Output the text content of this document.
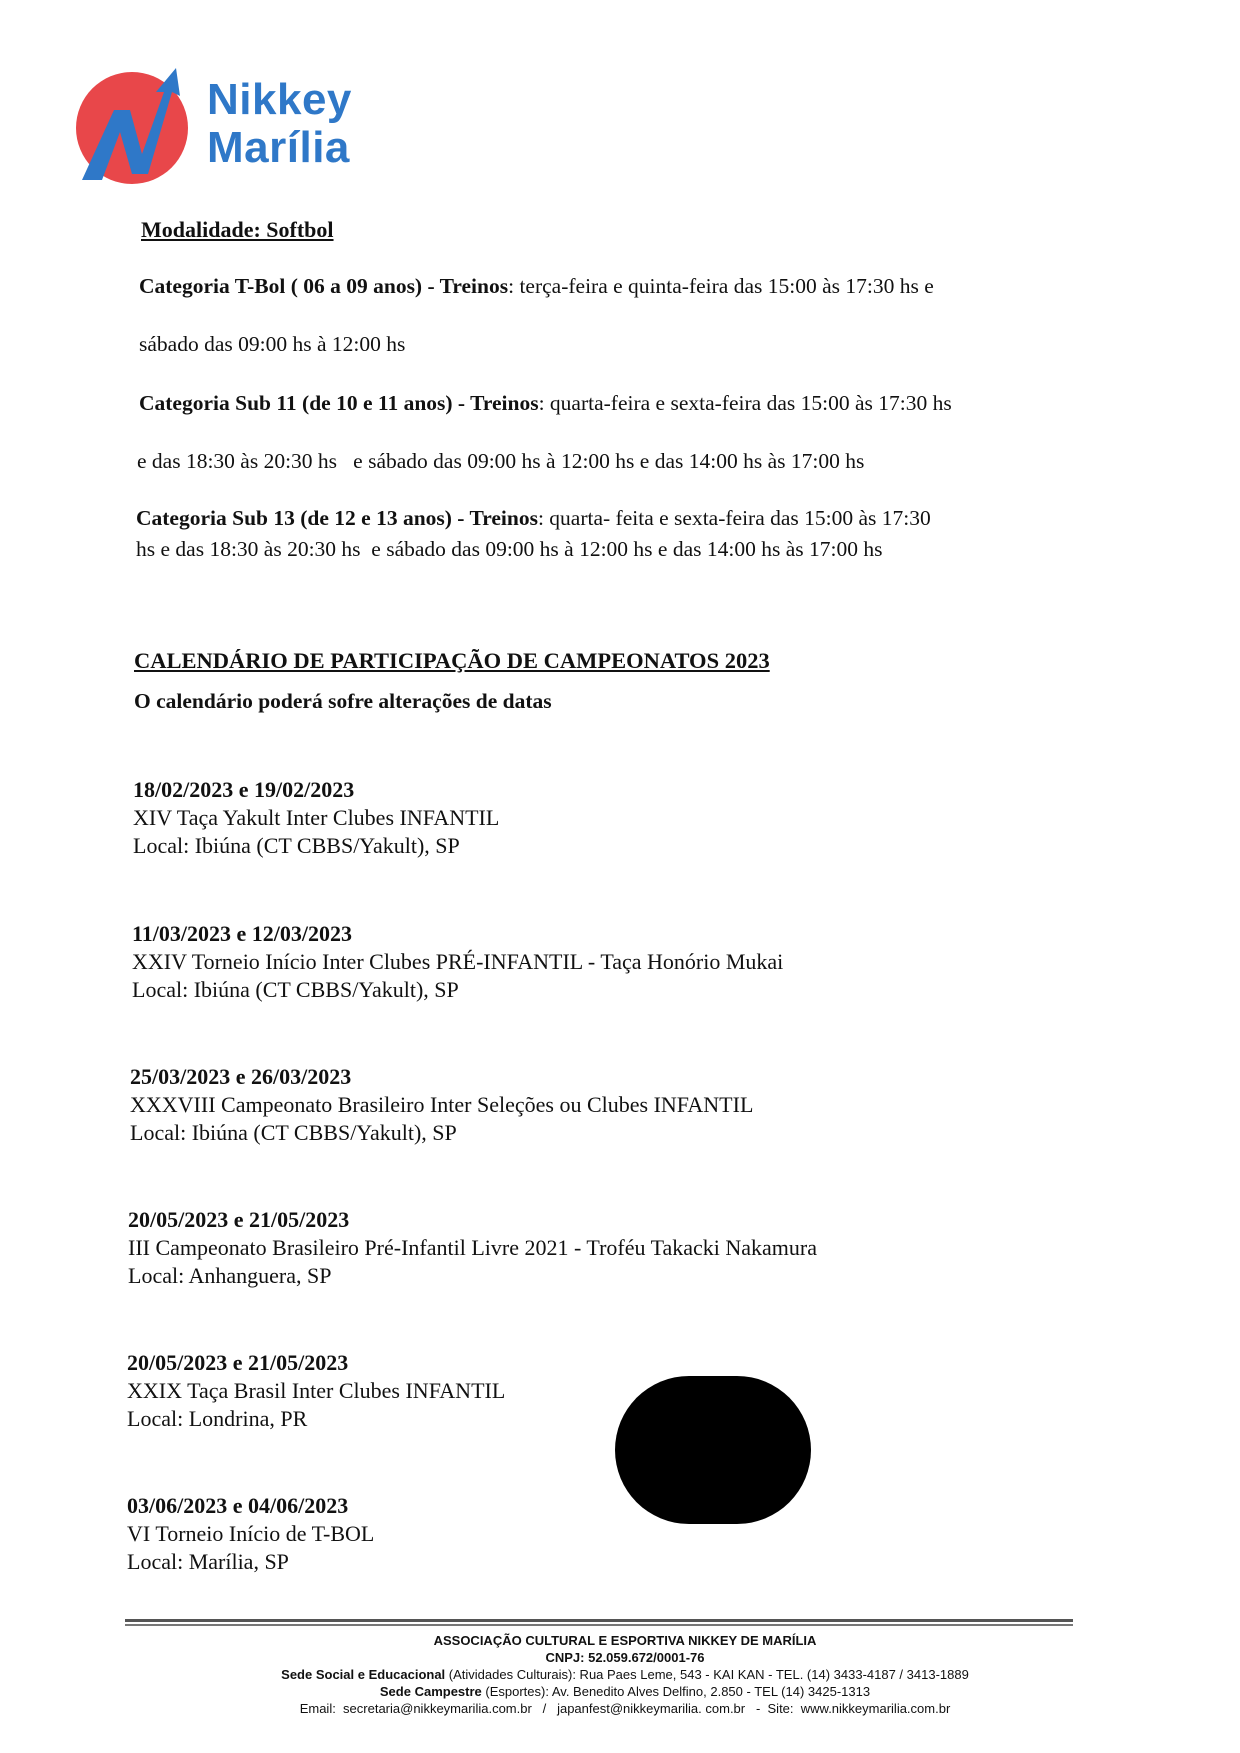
Nikkey
Marília
Modalidade: Softbol
Categoria T-Bol ( 06 a 09 anos) - Treinos: terça-feira e quinta-feira das 15:00 às 17:30 hs e
sábado das 09:00 hs à 12:00 hs
Categoria Sub 11 (de 10 e 11 anos) - Treinos: quarta-feira e sexta-feira das 15:00 às 17:30 hs
e das 18:30 às 20:30 hs   e sábado das 09:00 hs à 12:00 hs e das 14:00 hs às 17:00 hs
Categoria Sub 13 (de 12 e 13 anos) - Treinos: quarta- feita e sexta-feira das 15:00 às 17:30
hs e das 18:30 às 20:30 hs  e sábado das 09:00 hs à 12:00 hs e das 14:00 hs às 17:00 hs
CALENDÁRIO DE PARTICIPAÇÃO DE CAMPEONATOS 2023
O calendário poderá sofre alterações de datas
18/02/2023 e 19/02/2023
XIV Taça Yakult Inter Clubes INFANTIL
Local: Ibiúna (CT CBBS/Yakult), SP
11/03/2023 e 12/03/2023
XXIV Torneio Início Inter Clubes PRÉ-INFANTIL - Taça Honório Mukai
Local: Ibiúna (CT CBBS/Yakult), SP
25/03/2023 e 26/03/2023
XXXVIII Campeonato Brasileiro Inter Seleções ou Clubes INFANTIL
Local: Ibiúna (CT CBBS/Yakult), SP
20/05/2023 e 21/05/2023
III Campeonato Brasileiro Pré-Infantil Livre 2021 - Troféu Takacki Nakamura
Local: Anhanguera, SP
20/05/2023 e 21/05/2023
XXIX Taça Brasil Inter Clubes INFANTIL
Local: Londrina, PR
03/06/2023 e 04/06/2023
VI Torneio Início de T-BOL
Local: Marília, SP
ASSOCIAÇÃO CULTURAL E ESPORTIVA NIKKEY DE MARÍLIA
CNPJ: 52.059.672/0001-76
Sede Social e Educacional (Atividades Culturais): Rua Paes Leme, 543 - KAI KAN - TEL. (14) 3433-4187 / 3413-1889
Sede Campestre (Esportes): Av. Benedito Alves Delfino, 2.850 - TEL (14) 3425-1313
Email:  secretaria@nikkeymarilia.com.br   /   japanfest@nikkeymarilia. com.br   -  Site:  www.nikkeymarilia.com.br
